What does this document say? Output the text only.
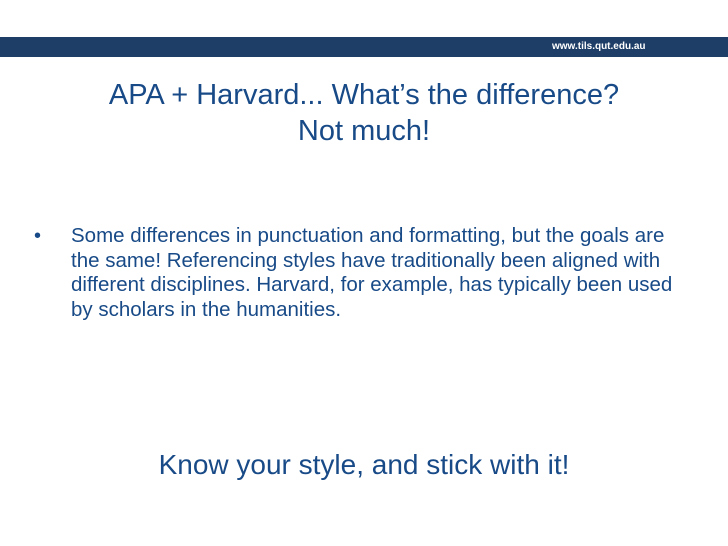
www.tils.qut.edu.au
APA + Harvard... What’s the difference?
Not much!
• Some differences in punctuation and formatting, but the goals are the same! Referencing styles have traditionally been aligned with different disciplines. Harvard, for example, has typically been used by scholars in the humanities.
Know your style, and stick with it!
